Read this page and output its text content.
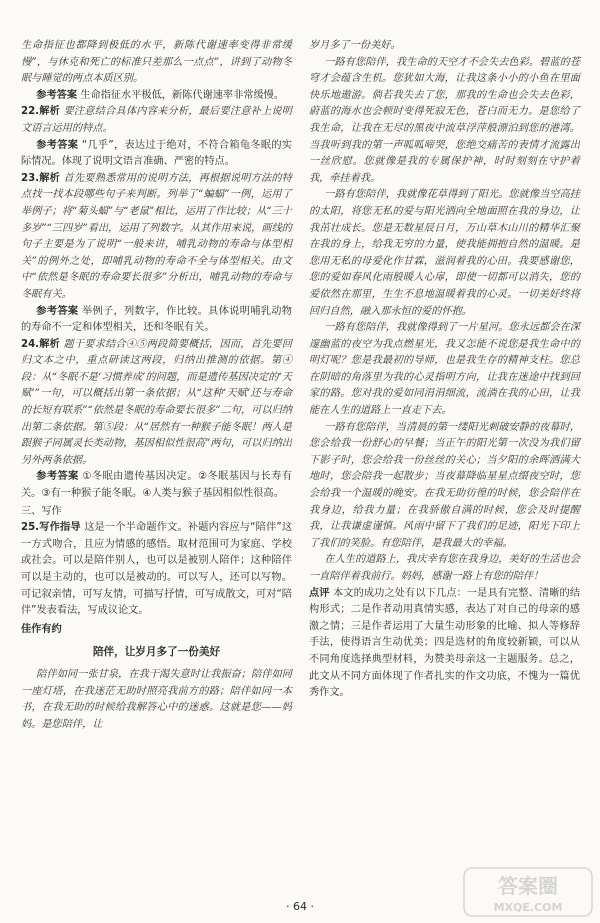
生命指征也都降到极低的水平，新陈代谢速率变得非常缓慢”，与休克和死亡的标准只差那么一点点”，讲到了动物冬眠与睡觉的两点本质区别。

参考答案 生命指征水平极低，新陈代谢速率非常缓慢。

22.解析 要注意结合具体内容来分析，最后要注意补上说明文语言运用的特点。

参考答案 “几乎”，表达过于绝对，不符合箱龟冬眠的实际情况。体现了说明文语言准确、严密的特点。

23.解析 首先要熟悉常用的说明方法，再根据说明方法的特点找一找本段哪些句子来判断。列举了“蝙蝠”一例，运用了举例子；将“菊头蝠”与“老鼠”相比，运用了作比较；从“三十多岁”“三四岁”看出，运用了列数字。从其作用来说，画线的句子主要是为了说明“一般来讲，哺乳动物的寿命与体型相关”的例外之处，即哺乳动物的寿命不全与体型相关。由文中“依然是冬眠的寿命要长很多”分析出，哺乳动物的寿命与冬眠有关。

参考答案 举例子，列数字，作比较。具体说明哺乳动物的寿命不一定和体型相关，还和冬眠有关。

24.解析 题干要求结合④⑤两段简要概括，因而，首先要回归文本之中，重点研读这两段，归纳出推测的依据。第④段：从“冬眠不是‘习惯养成’的问题，而是遗传基因决定的‘天赋’”一句，可以概括出第一条依据；从“这种‘天赋’还与寿命的长短有联系”“依然是冬眠的寿命要长很多”二句，可以归纳出第二条依据。第⑤段：从“居然有一种猴子能冬眠！两人是跟猴子同属灵长类动物，基因相似性很高”两句，可以归纳出另外两条依据。

参考答案 ①冬眠由遗传基因决定。②冬眠基因与长寿有关。③有一种猴子能冬眠。④人类与猴子基因相似性很高。

三、写作

25.写作指导 这是一个半命题作文。补题内容应与“陪伴”这一方式吻合，且应为情感的感悟。取材范围可为家庭、学校或社会。可以是陪伴别人，也可以是被别人陪伴；这种陪伴可以是主动的，也可以是被动的。可以写人，还可以写物。可记叙亲情，可写友情，可描写抒情，可写成散文，可对“陪伴”发表看法，写成议论文。

佳作有约

陪伴，让岁月多了一份美好

陪伴如同一张甘泉，在我干渴失意时让我振奋；陪伴如同一座灯塔，在我迷茫无助时照亮我前方的路；陪伴如同一本书，在我无助的时候给我解答心中的迷惑。这就是您——妈妈。是您陪伴，让

岁月多了一份美好。

一路有您陪伴，我生命的天空才不会失去色彩。碧蓝的苍穹才会蕴含生机。您犹如大海，让我这条小小的小鱼在里面快乐地遨游。倘若我失去了您，那我的生命也会失去色彩，蔚蓝的海水也会顿时变得死寂无色，苍白而无力。是您给了我生命，让我在无尽的黑夜中流草浮萍般漂泊到您的港湾。当我听到我的第一声呱呱啼哭，您绝交痛苦的表情才流露出一丝欣慰。您就像是我的专属保护神，时时刻刻在守护着我，牵挂着我。

一路有您陪伴，我就像花草得到了阳光。您就像当空高挂的太阳，将您无私的爱与阳光洒向全地面照在我的身边，让我茁壮成长。您是无数星辰日月，万山草木山川的精华汇聚在我的身上，给我无穷的力量，使我能拥抱自然的温暖。是您用无私的母爱化作甘霖，滋润着我的心田。我要感谢您，您的爱如春风化雨般暖人心扉，即使一切都可以消失，您的爱依然在那里，生生不息地温暖着我的心灵。一切美好终将回归自然，融入那永恒的爱的怀抱。

一路有您陪伴，我就像得到了一片星河。您永远都会在深邃幽蓝的夜空为我点燃星光，我又怎能不说您是我生命中的明灯呢？您是我最初的导师，也是我生存的精神支柱。您总在阴暗的角落里为我的心灵指明方向，让我在迷途中找到回家的路。您对我的爱如同涓涓细流，流淌在我的心田，让我能在人生的道路上一直走下去。

一路有您陪伴，当清晨的第一缕阳光刺破安静的夜幕时，您会给我一份舒心的早餐；当正午的阳光第一次没为我们留下影子时，您会给我一份丝丝的关心；当夕阳的余晖洒满大地时，您会陪我一起散步；当夜幕降临星星点缀夜空时，您会给我一个温暖的晚安。在我无助彷徨的时候，您会陪伴在我身边，给我力量；在我骄傲自满的时候，您会及时提醒我，让我谦虚谨慎。风雨中留下了我们的足迹，阳光下印上了我们的笑脸。有您陪伴，是我最大的幸福。

在人生的道路上，我庆幸有您在我身边，美好的生活也会一直陪伴着我前行。妈妈，感谢一路上有您的陪伴！

点评 本文的成功之处有以下几点：一是具有完整、清晰的结构形式；二是作者动用真情实感，表达了对自己的母亲的感激之情；三是作者运用了大量生动形象的比喻、拟人等修辞手法，使得语言生动优美；四是选材的角度较新颖，可以从不同角度选择典型材料，为赞美母亲这一主题服务。总之，此文从不同方面体现了作者扎实的作文功底，不愧为一篇优秀作文。

· 64 ·
答案圈
MXQE.COM
